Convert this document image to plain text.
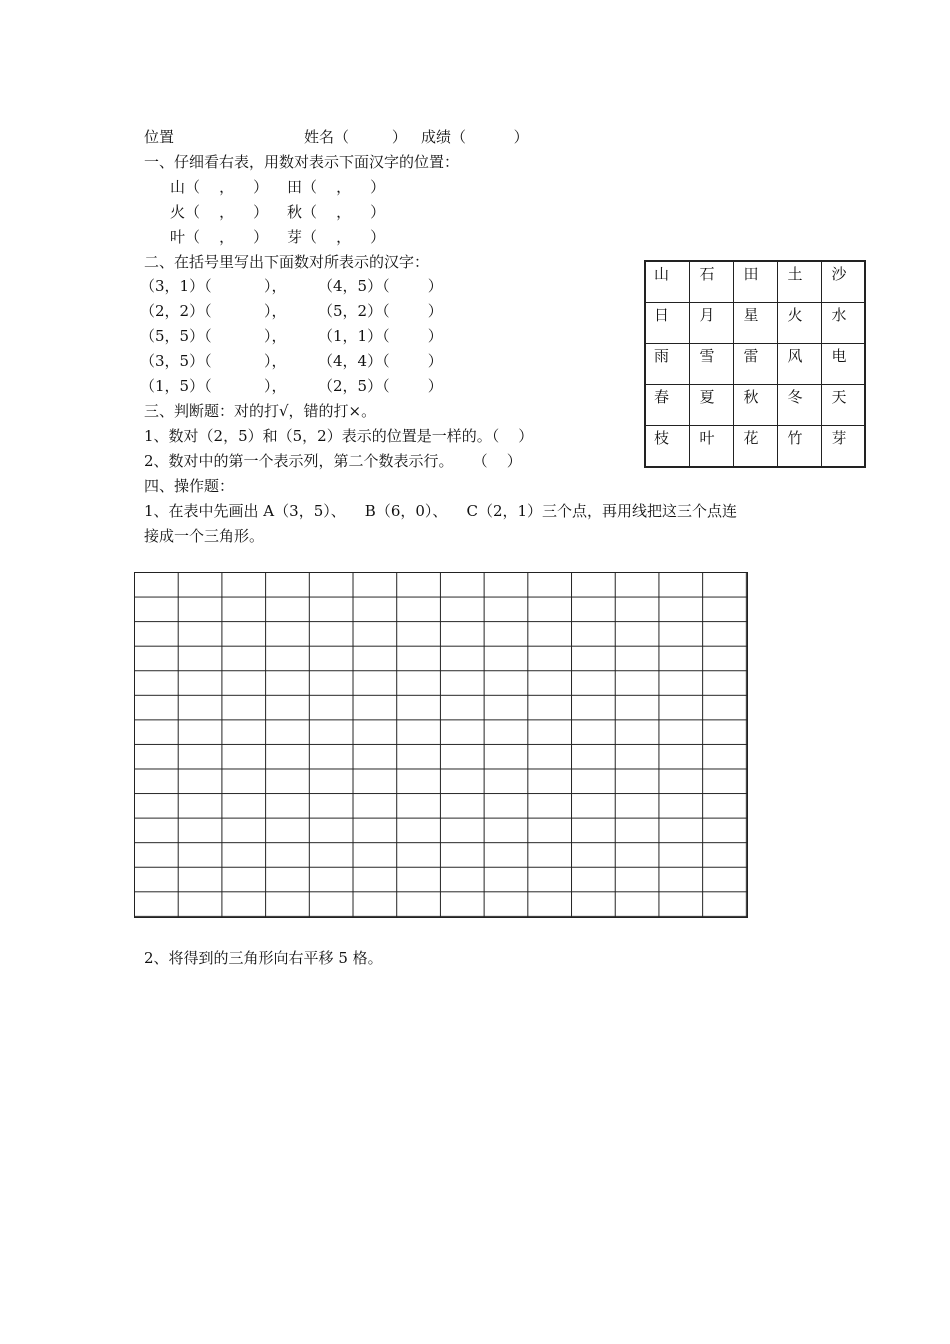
位置	姓名（         ） 成绩（          ）
一、仔细看右表，用数对表示下面汉字的位置：
山（    ，    ） 田（    ，    ）
火（    ，    ） 秋（    ，    ）
叶（    ，    ） 芽（    ，    ）
二、在括号里写出下面数对所表示的汉字：
（3，1）（           ）， （4，5）（        ）
（2，2）（           ）， （5，2）（        ）
（5，5）（           ）， （1，1）（        ）
（3，5）（           ）， （4，4）（        ）
（1，5）（           ）， （2，5）（        ）
三、判断题：对的打√，错的打×。
1、数对（2，5）和（5，2）表示的位置是一样的。（    ）
2、数对中的第一个表示列，第二个数表示行。    （    ）
四、操作题：
1、在表中先画出 A（3，5）、    B（6，0）、    C（2，1）三个点，再用线把这三个点连
接成一个三角形。
山	石	田	土	沙
日	月	星	火	水
雨	雪	雷	风	电
春	夏	秋	冬	天
枝	叶	花	竹	芽
2、将得到的三角形向右平移 5 格。
